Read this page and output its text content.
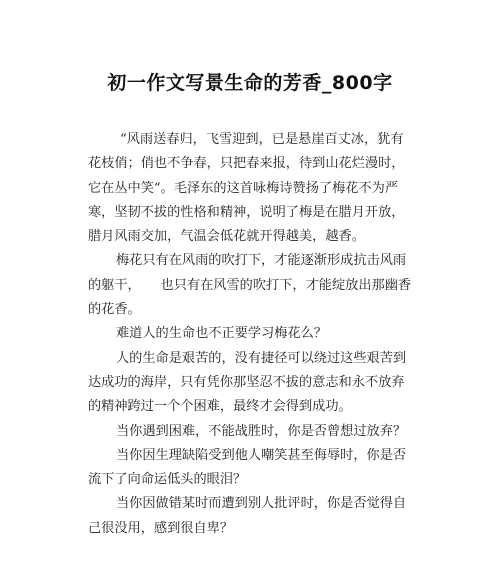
初一作文写景生命的芳香_800字
“风雨送春归，飞雪迎到，已是悬崖百丈冰，犹有
花枝俏；俏也不争春，只把春来报，待到山花烂漫时，
它在丛中笑“。毛泽东的这首咏梅诗赞扬了梅花不为严
寒，坚韧不拔的性格和精神，说明了梅是在腊月开放，
腊月风雨交加，气温会低花就开得越美，越香。
梅花只有在风雨的吹打下，才能逐渐形成抗击风雨
的躯干，　　也只有在风雪的吹打下，才能绽放出那幽香
的花香。
难道人的生命也不正要学习梅花么？
人的生命是艰苦的，没有捷径可以绕过这些艰苦到
达成功的海岸，只有凭你那坚忍不拔的意志和永不放弃
的精神跨过一个个困难，最终才会得到成功。
当你遇到困难，不能战胜时，你是否曾想过放弃？
当你因生理缺陷受到他人嘲笑甚至侮辱时，你是否
流下了向命运低头的眼泪？
当你因做错某时而遭到别人批评时，你是否觉得自
己很没用，感到很自卑？
